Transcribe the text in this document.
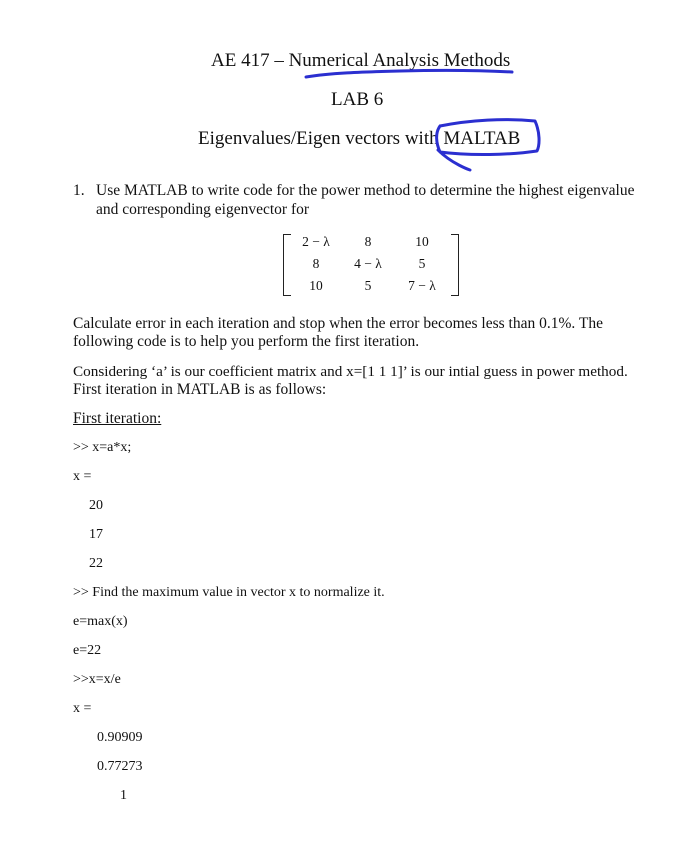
AE 417 – Numerical Analysis Methods
LAB 6
Eigenvalues/Eigen vectors with MALTAB
1. Use MATLAB to write code for the power method to determine the highest eigenvalue
and corresponding eigenvector for
2 − λ	8	10
8	4 − λ	5
10	5	7 − λ
Calculate error in each iteration and stop when the error becomes less than 0.1%. The
following code is to help you perform the first iteration.
Considering ‘a’ is our coefficient matrix and x=[1 1 1]’ is our intial guess in power method.
First iteration in MATLAB is as follows:
First iteration:
>> x=a*x;
x =
20
17
22
>> Find the maximum value in vector x to normalize it.
e=max(x)
e=22
>>x=x/e
x =
0.90909
0.77273
1
